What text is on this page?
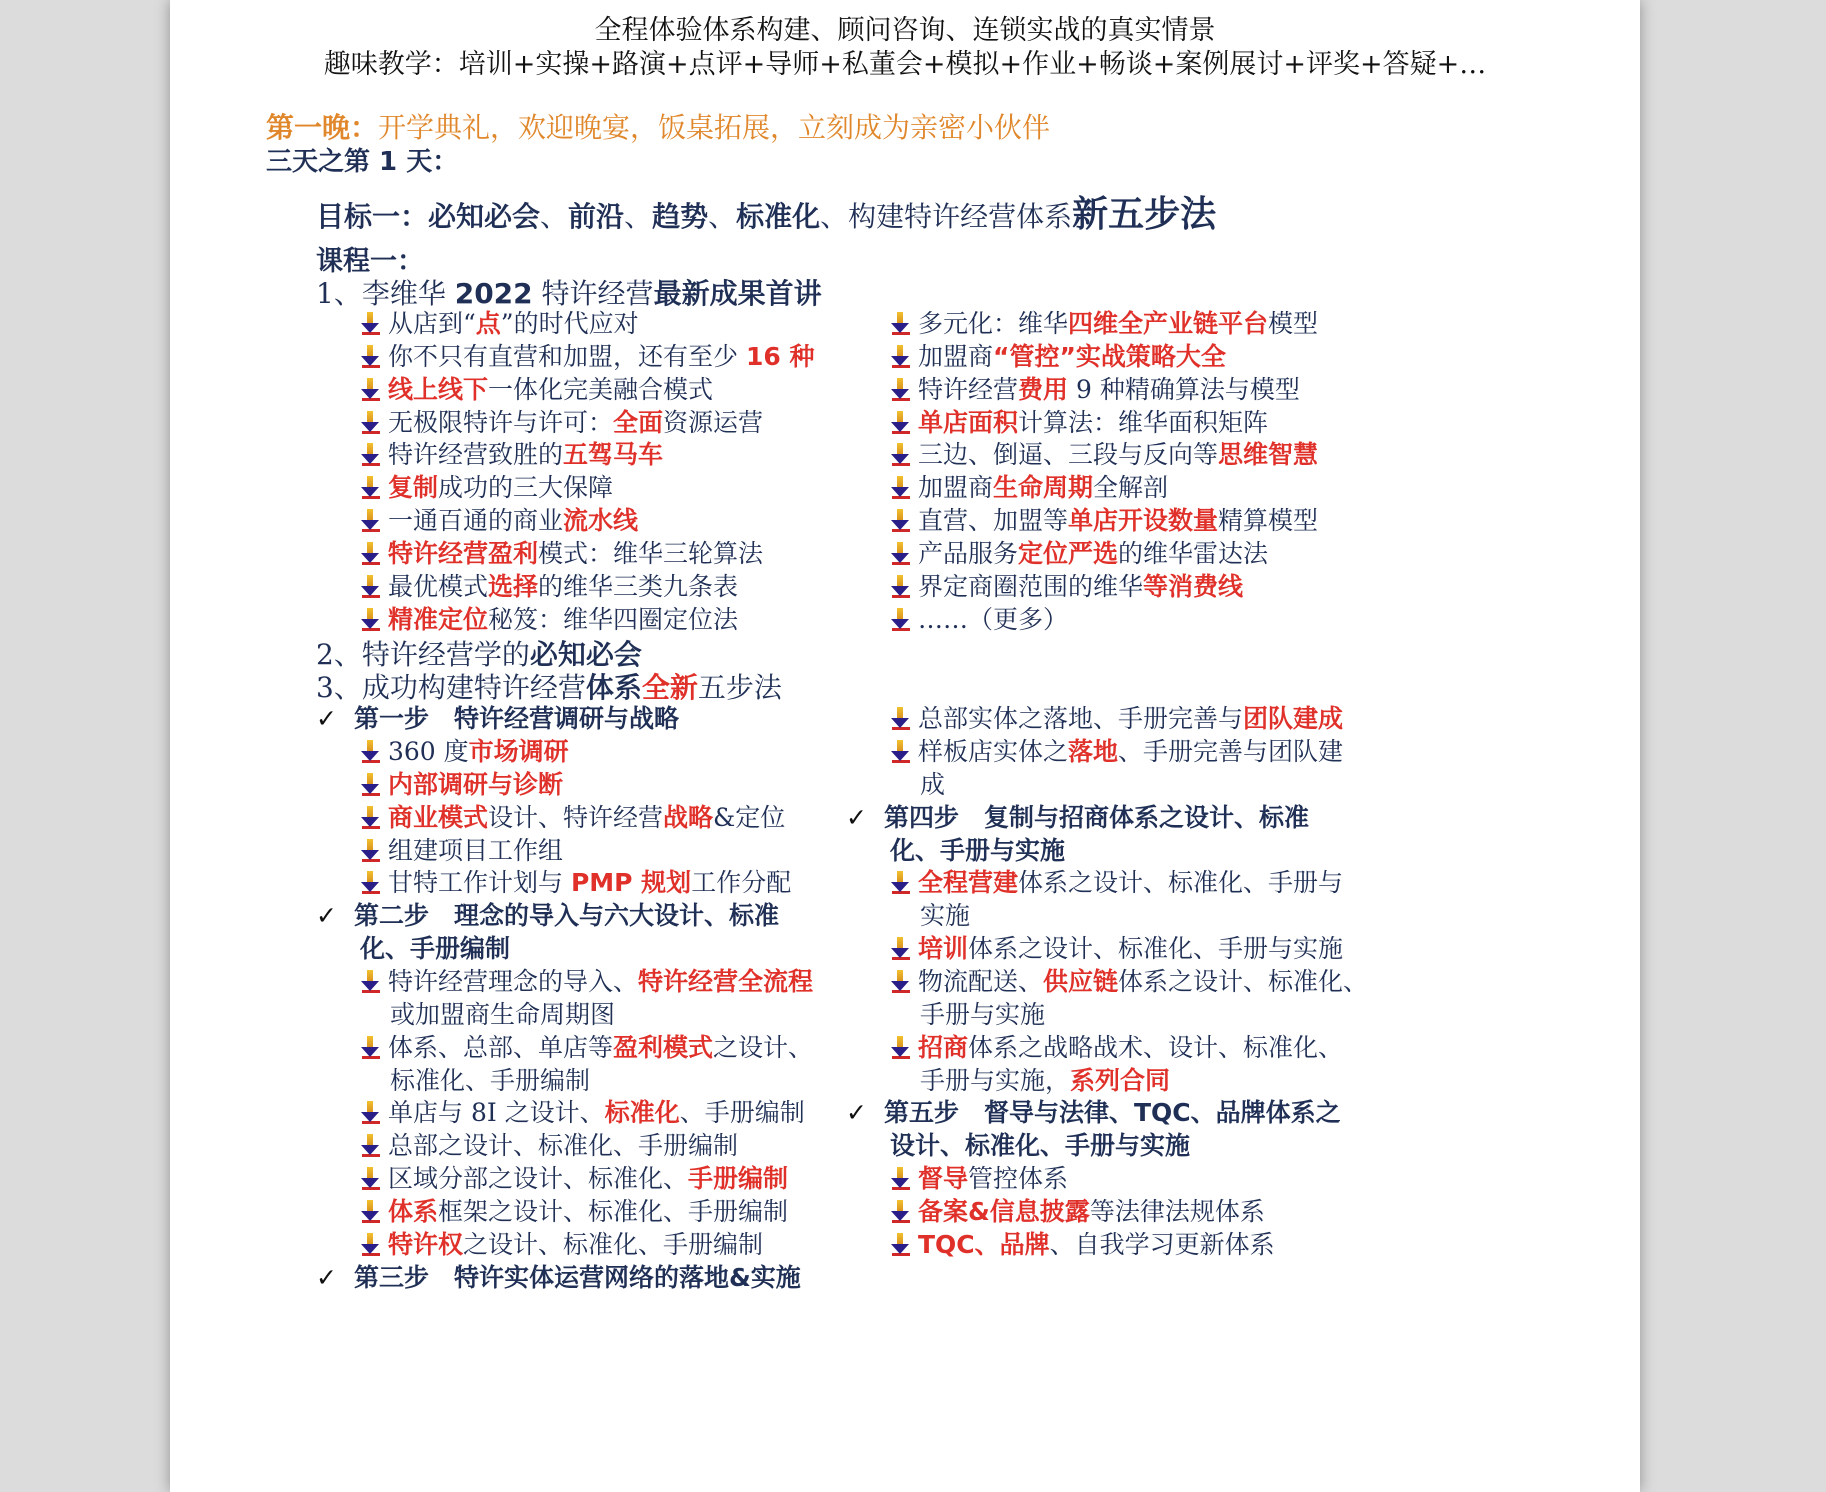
全程体验体系构建、顾问咨询、连锁实战的真实情景
趣味教学：培训+实操+路演+点评+导师+私董会+模拟+作业+畅谈+案例展讨+评奖+答疑+…
第一晚：开学典礼，欢迎晚宴，饭桌拓展，立刻成为亲密小伙伴
三天之第 1 天：
目标一：必知必会、前沿、趋势、标准化、构建特许经营体系新五步法
课程一：
1、李维华 2022 特许经营最新成果首讲
从店到“点”的时代应对
你不只有直营和加盟，还有至少 16 种
线上线下一体化完美融合模式
无极限特许与许可：全面资源运营
特许经营致胜的五驾马车
复制成功的三大保障
一通百通的商业流水线
特许经营盈利模式：维华三轮算法
最优模式选择的维华三类九条表
精准定位秘笈：维华四圈定位法
多元化：维华四维全产业链平台模型
加盟商“管控”实战策略大全
特许经营费用 9 种精确算法与模型
单店面积计算法：维华面积矩阵
三边、倒逼、三段与反向等思维智慧
加盟商生命周期全解剖
直营、加盟等单店开设数量精算模型
产品服务定位严选的维华雷达法
界定商圈范围的维华等消费线
……（更多）
2、特许经营学的必知必会
3、成功构建特许经营体系全新五步法
✓ 第一步　特许经营调研与战略
360 度市场调研
内部调研与诊断
商业模式设计、特许经营战略&定位
组建项目工作组
甘特工作计划与 PMP 规划工作分配
✓ 第二步　理念的导入与六大设计、标准
化、手册编制
特许经营理念的导入、特许经营全流程
或加盟商生命周期图
体系、总部、单店等盈利模式之设计、
标准化、手册编制
单店与 8I 之设计、标准化、手册编制
总部之设计、标准化、手册编制
区域分部之设计、标准化、手册编制
体系框架之设计、标准化、手册编制
特许权之设计、标准化、手册编制
✓ 第三步　特许实体运营网络的落地&实施
总部实体之落地、手册完善与团队建成
样板店实体之落地、手册完善与团队建
成
✓ 第四步　复制与招商体系之设计、标准
化、手册与实施
全程营建体系之设计、标准化、手册与
实施
培训体系之设计、标准化、手册与实施
物流配送、供应链体系之设计、标准化、
手册与实施
招商体系之战略战术、设计、标准化、
手册与实施，系列合同
✓ 第五步　督导与法律、TQC、品牌体系之
设计、标准化、手册与实施
督导管控体系
备案&信息披露等法律法规体系
TQC、品牌、自我学习更新体系
